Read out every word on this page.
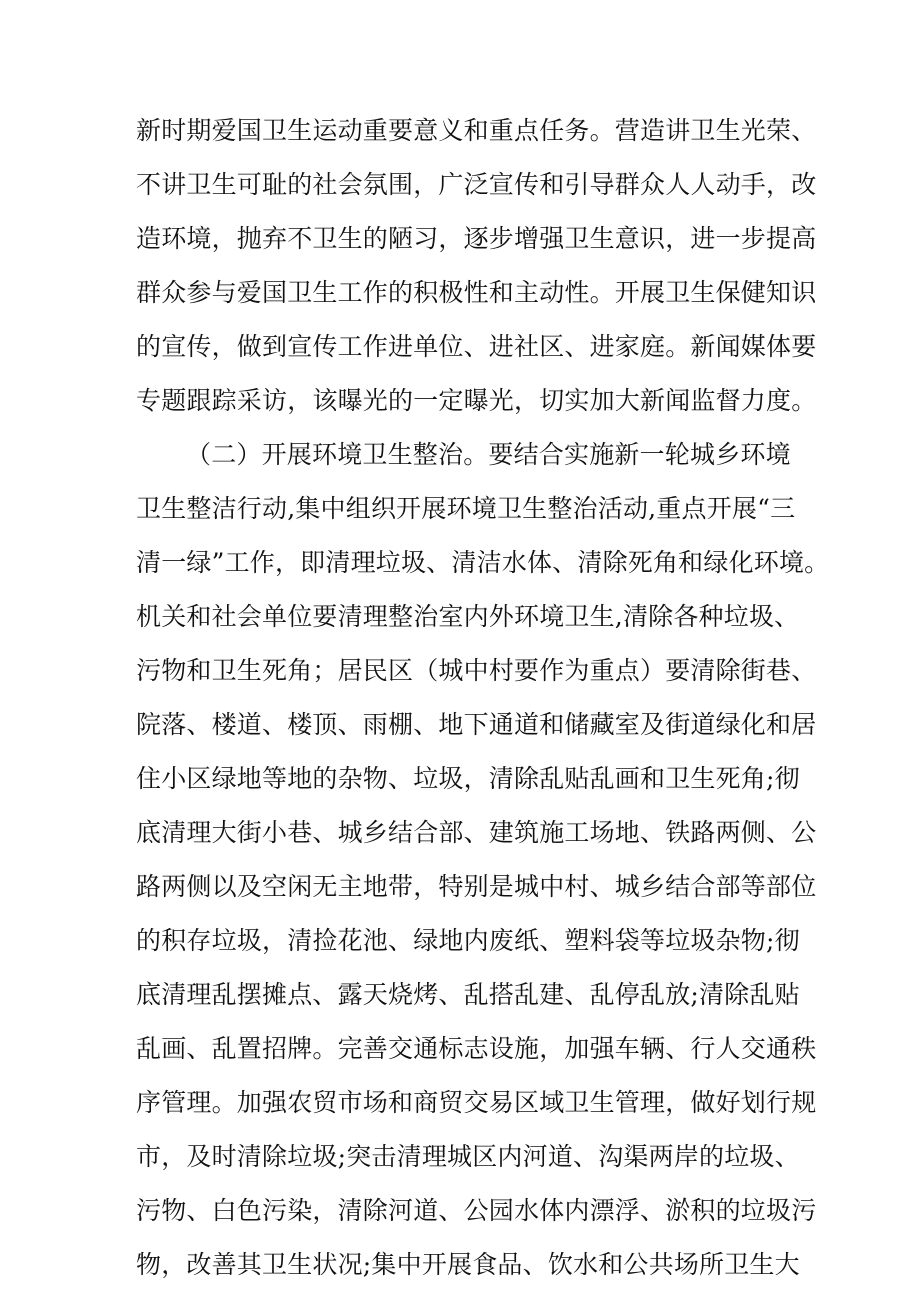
新时期爱国卫生运动重要意义和重点任务。营造讲卫生光荣、
不讲卫生可耻的社会氛围，广泛宣传和引导群众人人动手，改
造环境，抛弃不卫生的陋习，逐步增强卫生意识，进一步提高
群众参与爱国卫生工作的积极性和主动性。开展卫生保健知识
的宣传，做到宣传工作进单位、进社区、进家庭。新闻媒体要
专题跟踪采访，该曝光的一定曝光，切实加大新闻监督力度。
（二）开展环境卫生整治。要结合实施新一轮城乡环境
卫生整洁行动,集中组织开展环境卫生整治活动,重点开展“三
清一绿”工作，即清理垃圾、清洁水体、清除死角和绿化环境。
机关和社会单位要清理整治室内外环境卫生,清除各种垃圾、
污物和卫生死角；居民区（城中村要作为重点）要清除街巷、
院落、楼道、楼顶、雨棚、地下通道和储藏室及街道绿化和居
住小区绿地等地的杂物、垃圾，清除乱贴乱画和卫生死角;彻
底清理大街小巷、城乡结合部、建筑施工场地、铁路两侧、公
路两侧以及空闲无主地带，特别是城中村、城乡结合部等部位
的积存垃圾，清捡花池、绿地内废纸、塑料袋等垃圾杂物;彻
底清理乱摆摊点、露天烧烤、乱搭乱建、乱停乱放;清除乱贴
乱画、乱置招牌。完善交通标志设施，加强车辆、行人交通秩
序管理。加强农贸市场和商贸交易区域卫生管理，做好划行规
市，及时清除垃圾;突击清理城区内河道、沟渠两岸的垃圾、
污物、白色污染，清除河道、公园水体内漂浮、淤积的垃圾污
物，改善其卫生状况;集中开展食品、饮水和公共场所卫生大
